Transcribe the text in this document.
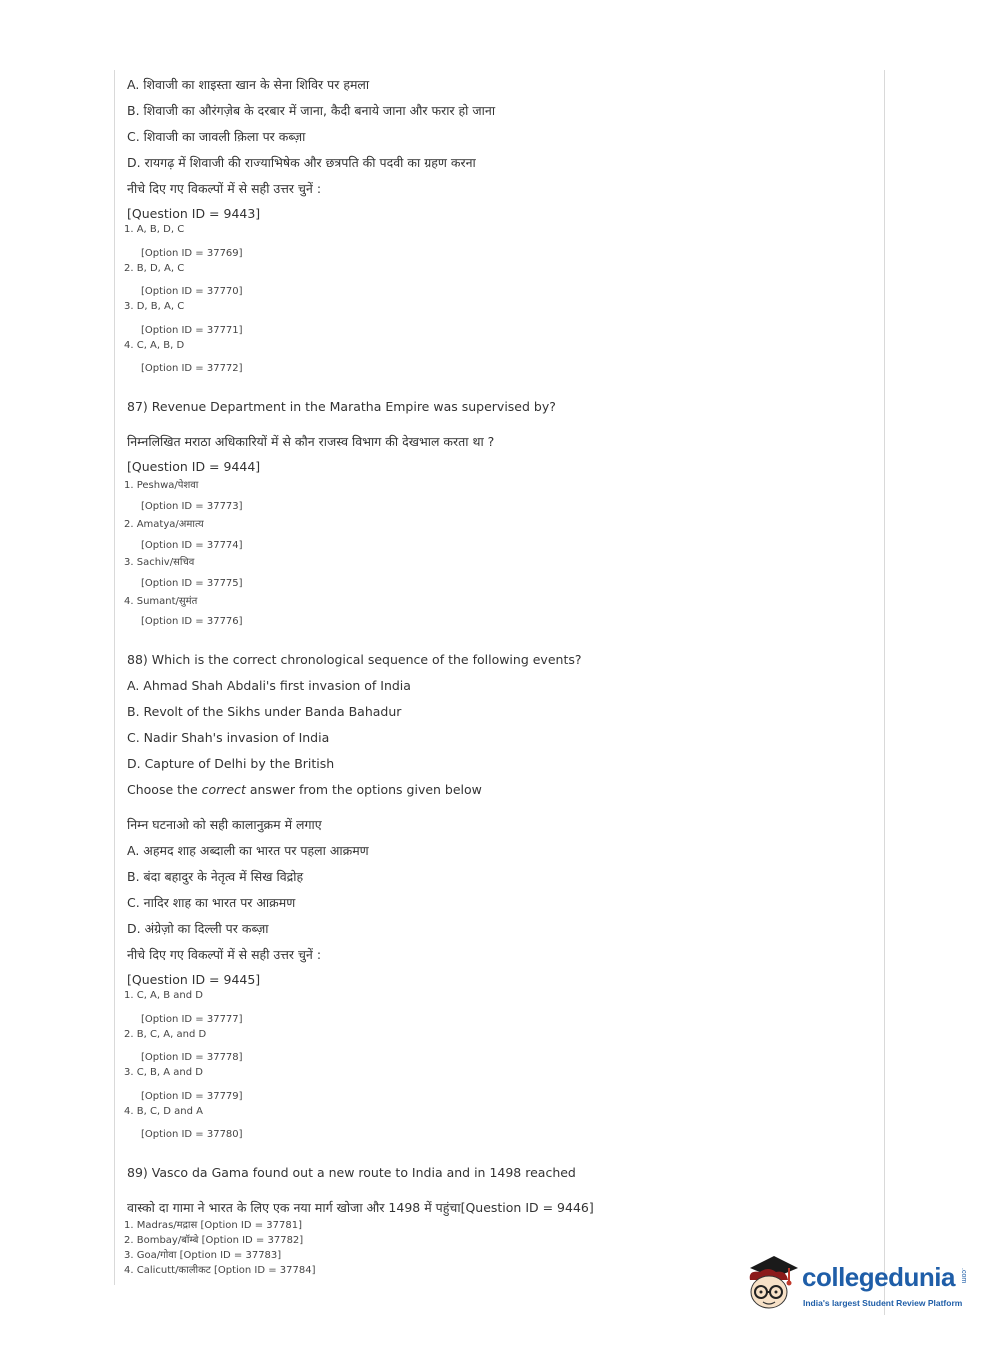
A. शिवाजी का शाइस्ता खान के सेना शिविर पर हमला
B. शिवाजी का औरंगज़ेब के दरबार में जाना, कैदी बनाये जाना और फरार हो जाना
C. शिवाजी का जावली क़िला पर कब्ज़ा
D. रायगढ़ में शिवाजी की राज्याभिषेक और छत्रपति की पदवी का ग्रहण करना
नीचे दिए गए विकल्पों में से सही उत्तर चुनें :
[Question ID = 9443]
1. A, B, D, C
[Option ID = 37769]
2. B, D, A, C
[Option ID = 37770]
3. D, B, A, C
[Option ID = 37771]
4. C, A, B, D
[Option ID = 37772]
87) Revenue Department in the Maratha Empire was supervised by?
निम्नलिखित मराठा अधिकारियों में से कौन राजस्व विभाग की देखभाल करता था ?
[Question ID = 9444]
1. Peshwa/पेशवा
[Option ID = 37773]
2. Amatya/अमात्य
[Option ID = 37774]
3. Sachiv/सचिव
[Option ID = 37775]
4. Sumant/सुमंत
[Option ID = 37776]
88) Which is the correct chronological sequence of the following events?
A. Ahmad Shah Abdali's first invasion of India
B. Revolt of the Sikhs under Banda Bahadur
C. Nadir Shah's invasion of India
D. Capture of Delhi by the British
Choose the correct answer from the options given below
निम्न घटनाओ को सही कालानुक्रम में लगाए
A. अहमद शाह अब्दाली का भारत पर पहला आक्रमण
B. बंदा बहादुर के नेतृत्व में सिख विद्रोह
C. नादिर शाह का भारत पर आक्रमण
D. अंग्रेज़ो का दिल्ली पर कब्ज़ा
नीचे दिए गए विकल्पों में से सही उत्तर चुनें :
[Question ID = 9445]
1. C, A, B and D
[Option ID = 37777]
2. B, C, A, and D
[Option ID = 37778]
3. C, B, A and D
[Option ID = 37779]
4. B, C, D and A
[Option ID = 37780]
89) Vasco da Gama found out a new route to India and in 1498 reached
वास्को दा गामा ने भारत के लिए एक नया मार्ग खोजा और 1498 में पहुंचा[Question ID = 9446]
1. Madras/मद्रास [Option ID = 37781]
2. Bombay/बॉम्बे [Option ID = 37782]
3. Goa/गोवा [Option ID = 37783]
4. Calicutt/कालीकट [Option ID = 37784]	collegedunia .com
India's largest Student Review Platform
